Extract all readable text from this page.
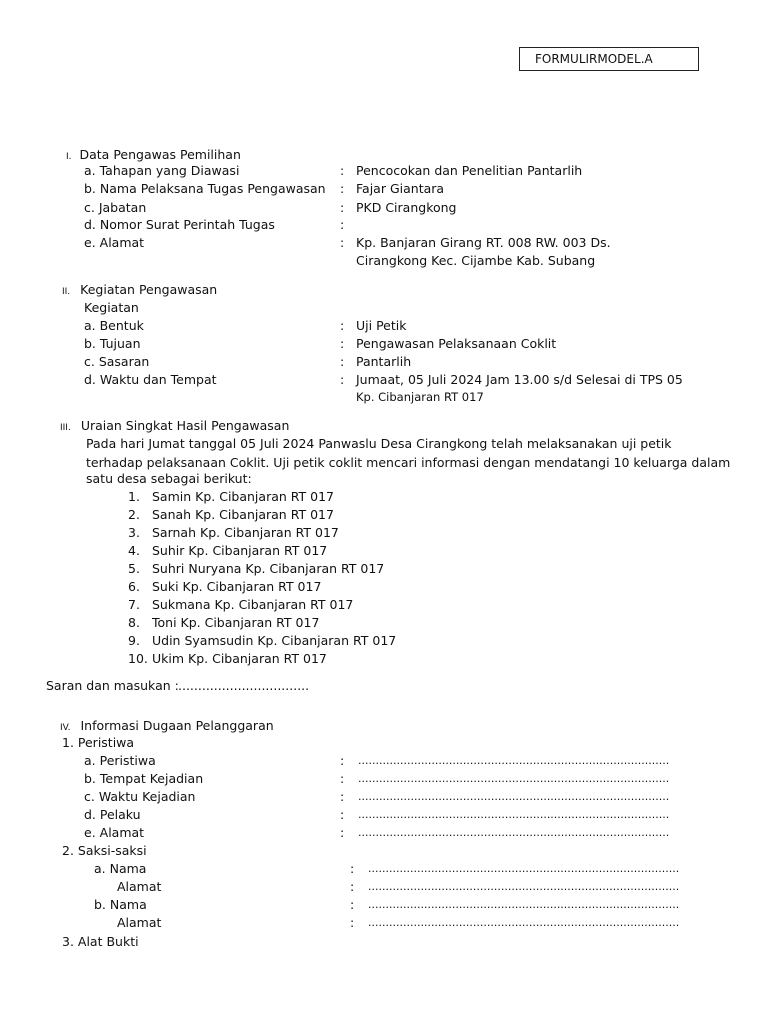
FORMULIRMODEL.A
I. Data Pengawas Pemilihan
a. Tahapan yang Diawasi	: Pencocokan dan Penelitian Pantarlih
b. Nama Pelaksana Tugas Pengawasan : Fajar Giantara
c. Jabatan	: PKD Cirangkong
d. Nomor Surat Perintah Tugas	:
e. Alamat	: Kp. Banjaran Girang RT. 008 RW. 003 Ds.
Cirangkong Kec. Cijambe Kab. Subang
II. Kegiatan Pengawasan
Kegiatan
a. Bentuk	: Uji Petik
b. Tujuan	: Pengawasan Pelaksanaan Coklit
c. Sasaran	: Pantarlih
d. Waktu dan Tempat	: Jumaat, 05 Juli 2024 Jam 13.00 s/d Selesai di TPS 05
Kp. Cibanjaran RT 017
III. Uraian Singkat Hasil Pengawasan
Pada hari Jumat tanggal 05 Juli 2024 Panwaslu Desa Cirangkong telah melaksanakan uji petik
terhadap pelaksanaan Coklit. Uji petik coklit mencari informasi dengan mendatangi 10 keluarga dalam
satu desa sebagai berikut:
1. Samin Kp. Cibanjaran RT 017
2. Sanah Kp. Cibanjaran RT 017
3. Sarnah Kp. Cibanjaran RT 017
4. Suhir Kp. Cibanjaran RT 017
5. Suhri Nuryana Kp. Cibanjaran RT 017
6. Suki Kp. Cibanjaran RT 017
7. Sukmana Kp. Cibanjaran RT 017
8. Toni Kp. Cibanjaran RT 017
9. Udin Syamsudin Kp. Cibanjaran RT 017
10. Ukim Kp. Cibanjaran RT 017
Saran dan masukan : .................................
IV. Informasi Dugaan Pelanggaran
1. Peristiwa
a. Peristiwa	: .........................................................................................
b. Tempat Kejadian	: .........................................................................................
c. Waktu Kejadian	: .........................................................................................
d. Pelaku	: .........................................................................................
e. Alamat	: .........................................................................................
2. Saksi-saksi
a. Nama	: .........................................................................................
Alamat	: .........................................................................................
b. Nama	: .........................................................................................
Alamat	: .........................................................................................
3. Alat Bukti
